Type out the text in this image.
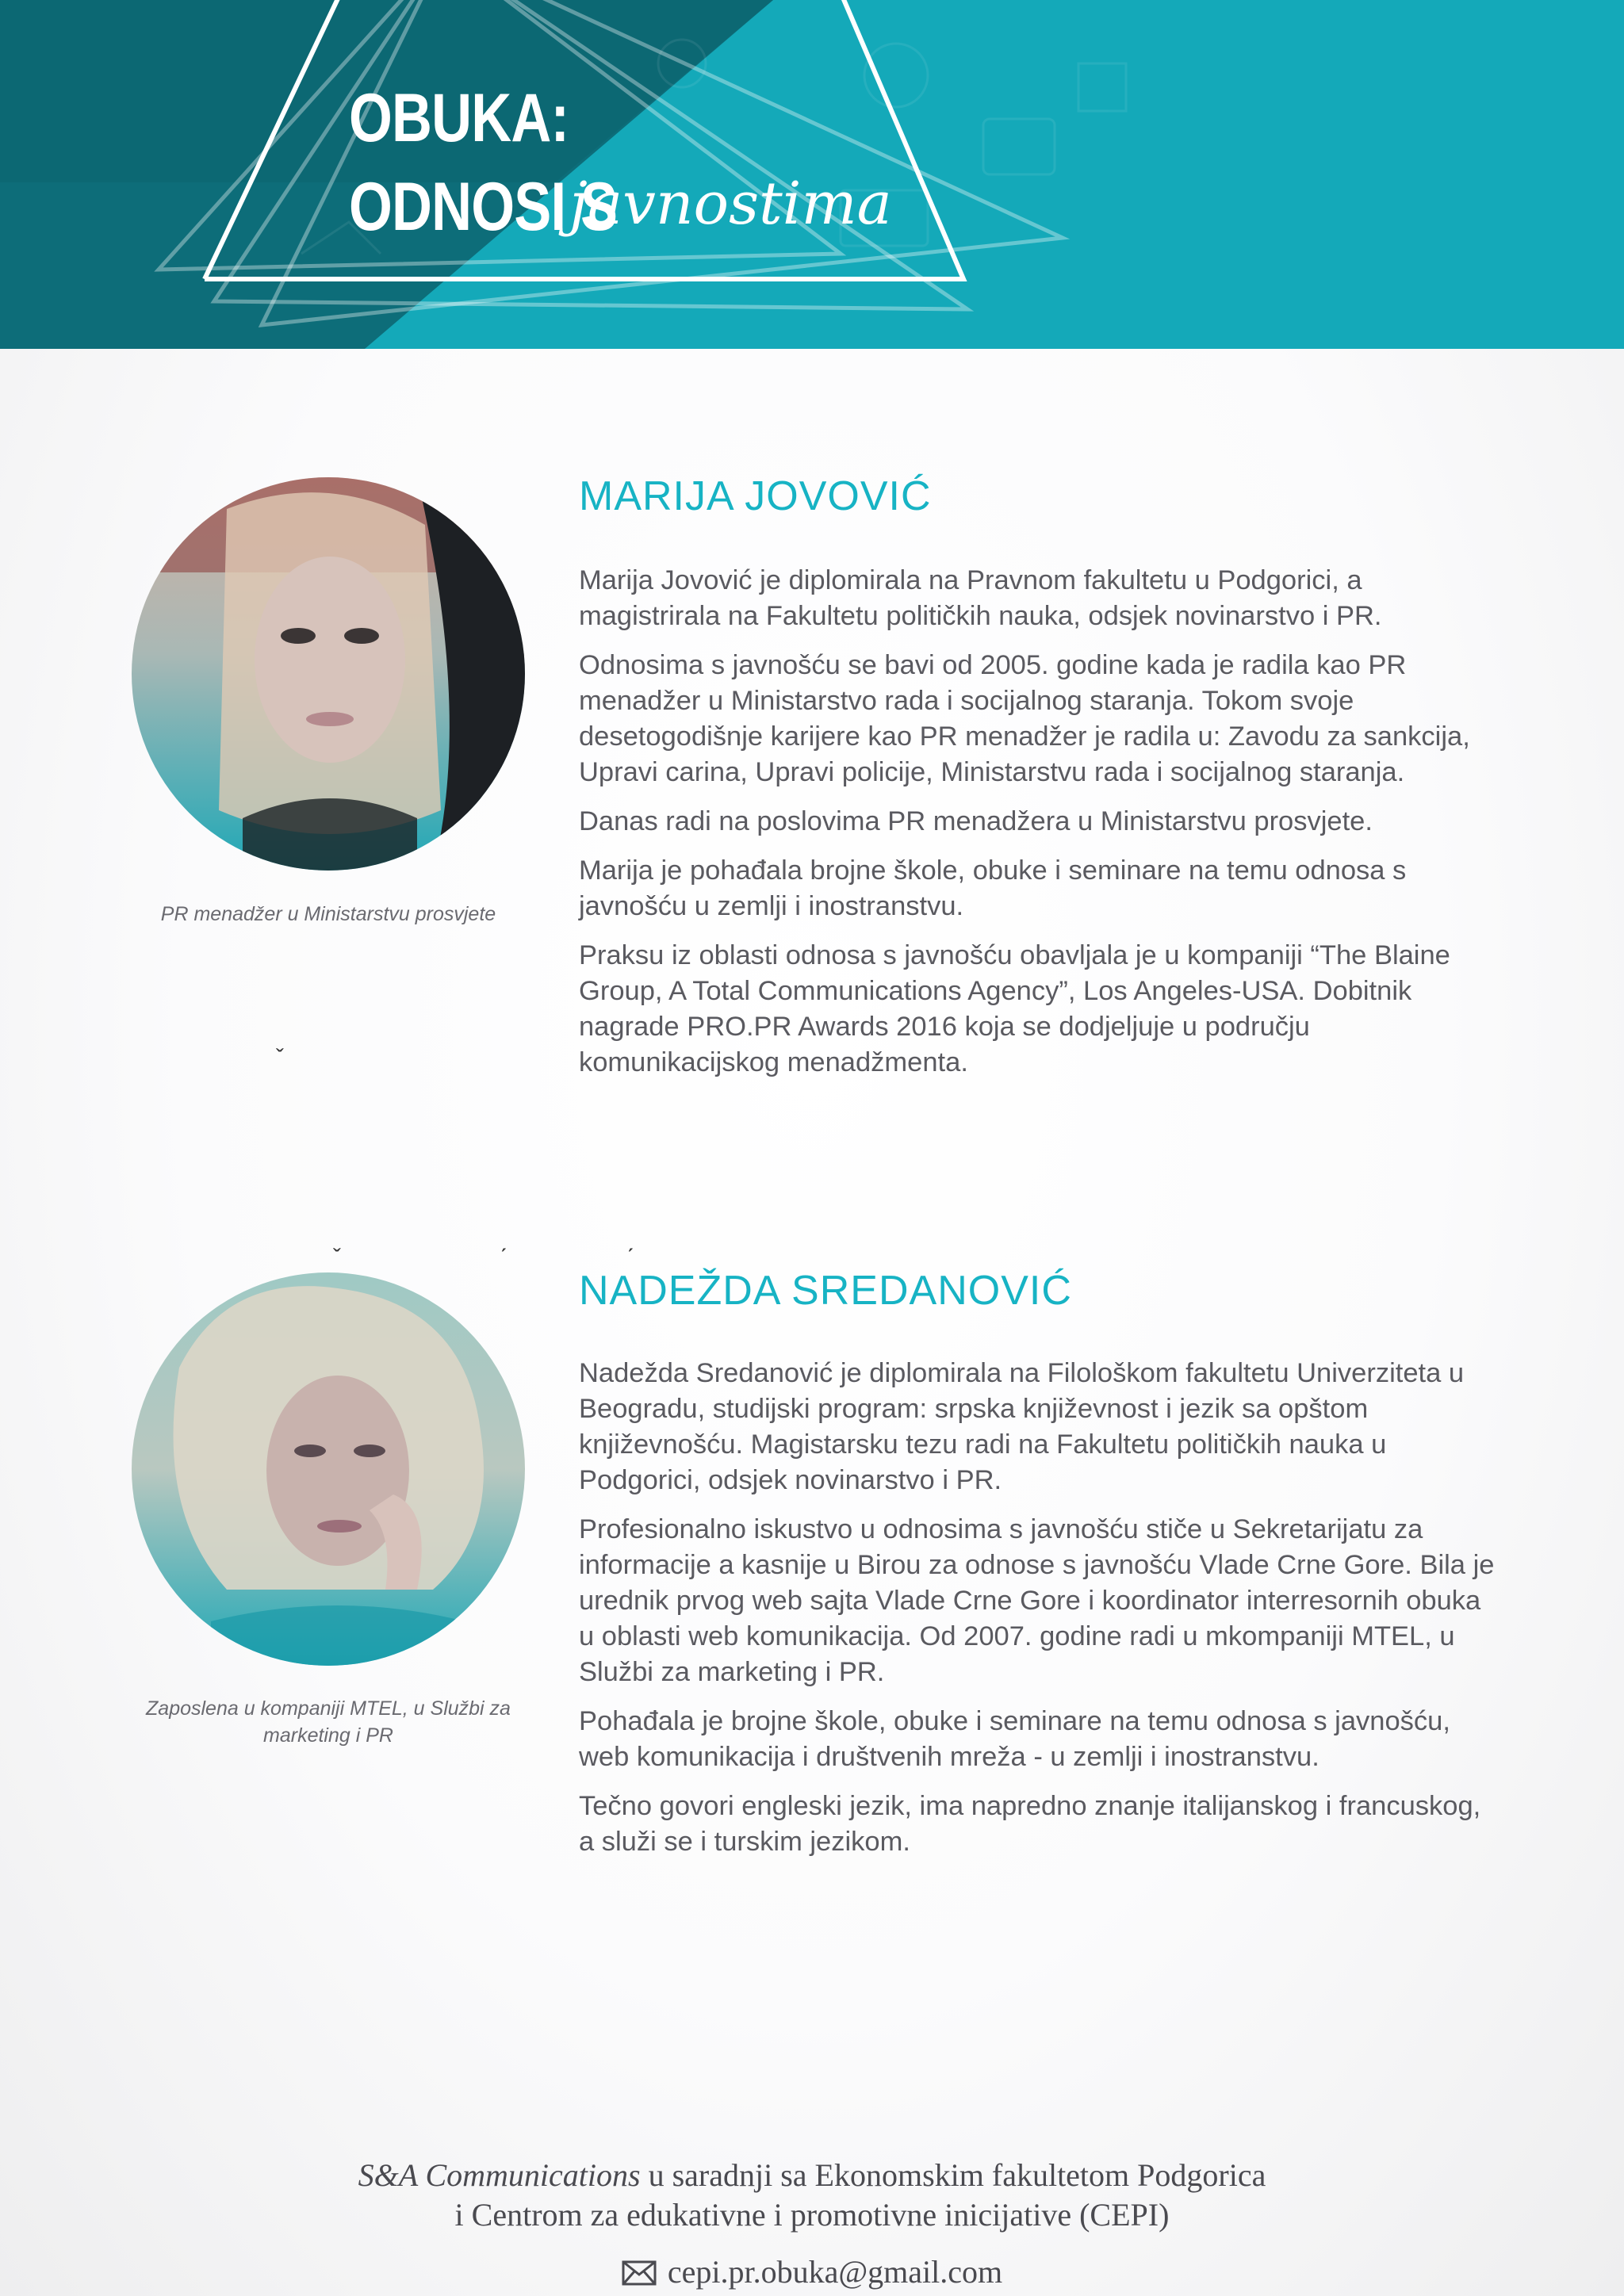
OBUKA:
ODNOSI S
javnostima
PR menadžer u Ministarstvu prosvjete
MARIJA JOVOVIĆ

Marija Jovović je diplomirala na Pravnom fakultetu u Podgorici, a magistrirala na Fakultetu političkih nauka, odsjek novinarstvo i PR.

Odnosima s javnošću se bavi od 2005. godine kada je radila kao PR menadžer u Ministarstvo rada i socijalnog staranja. Tokom svoje desetogodišnje karijere kao PR menadžer je radila u: Zavodu za sankcija, Upravi carina, Upravi policije, Ministarstvu rada i socijalnog staranja.

Danas radi na poslovima PR menadžera u Ministarstvu prosvjete.

Marija je pohađala brojne škole, obuke i seminare na temu odnosa s javnošću u zemlji i inostranstvu.

Praksu iz oblasti odnosa s javnošću obavljala je u kompaniji “The Blaine Group, A Total Communications Agency”, Los Angeles-USA. Dobitnik nagrade PRO.PR Awards 2016 koja se dodjeljuje u području komunikacijskog menadžmenta.

ˇ
ˇ	ˊ	ˊ
Zaposlena u kompaniji MTEL, u Službi za marketing i PR
NADEŽDA SREDANOVIĆ

Nadežda Sredanović je diplomirala na Filološkom fakultetu Univerziteta u Beogradu, studijski program: srpska književnost i jezik sa opštom književnošću. Magistarsku tezu radi na Fakultetu političkih nauka u Podgorici, odsjek novinarstvo i PR.

Profesionalno iskustvo u odnosima s javnošću stiče u Sekretarijatu za informacije a kasnije u Birou za odnose s javnošću Vlade Crne Gore. Bila je urednik prvog web sajta Vlade Crne Gore i koordinator interresornih obuka u oblasti web komunikacija. Od 2007. godine radi u mkompaniji MTEL, u Službi za marketing i PR.

Pohađala je brojne škole, obuke i seminare na temu odnosa s javnošću, web komunikacija i društvenih mreža - u zemlji i inostranstvu.

Tečno govori engleski jezik, ima napredno znanje italijanskog i francuskog, a služi se i turskim jezikom.

S&A Communications u saradnji sa Ekonomskim fakultetom Podgorica
i Centrom za edukativne i promotivne inicijative (CEPI)
cepi.pr.obuka@gmail.com
